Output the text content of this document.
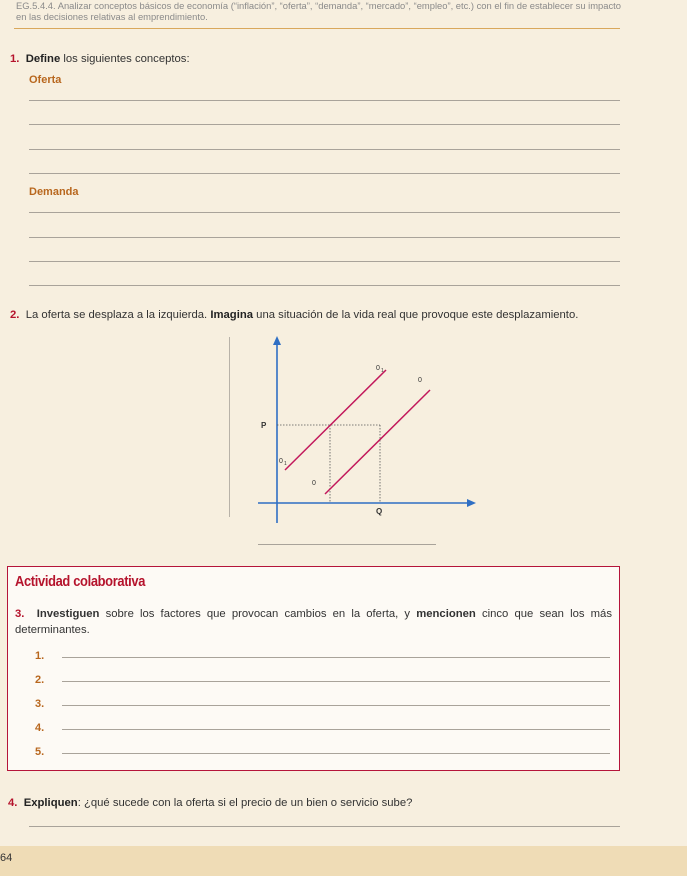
EG.5.4.4. Analizar conceptos básicos de economía (“inflación”, “oferta”, “demanda”, “mercado”, “empleo”, etc.) con el fin de establecer su impacto
en las decisiones relativas al emprendimiento.
1. Define los siguientes conceptos:
Oferta
Demanda
2. La oferta se desplaza a la izquierda. Imagina una situación de la vida real que provoque este desplazamiento.
P
Q
0 1
0
0 1
0
Actividad colaborativa
3. Investiguen sobre los factores que provocan cambios en la oferta, y mencionen cinco que sean los más determinantes.
1.
2.
3.
4.
5.
4. Expliquen: ¿qué sucede con la oferta si el precio de un bien o servicio sube?
64
